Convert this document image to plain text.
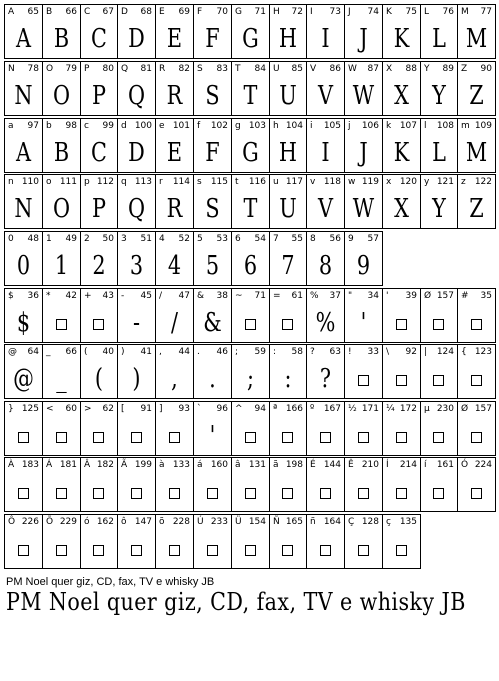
A 65
A
B 66
B
C 67
C
D 68
D
E 69
E
F 70
F
G 71
G
H 72
H
I 73
I
J 74
J
K 75
K
L 76
L
M 77
M
N 78
N
O 79
O
P 80
P
Q 81
Q
R 82
R
S 83
S
T 84
T
U 85
U
V 86
V
W 87
W
X 88
X
Y 89
Y
Z 90
Z
a 97
A
b 98
B
c 99
C
d 100
D
e 101
E
f 102
F
g 103
G
h 104
H
i 105
I
j 106
J
k 107
K
l 108
L
m 109
M
n 110
N
o 111
O
p 112
P
q 113
Q
r 114
R
s 115
S
t 116
T
u 117
U
v 118
V
w 119
W
x 120
X
y 121
Y
z 122
Z
0 48
0
1 49
1
2 50
2
3 51
3
4 52
4
5 53
5
6 54
6
7 55
7
8 56
8
9 57
9
$ 36
$
* 42 + 43 - 45
-
/ 47
/
& 38
&
~ 71 = 61 % 37
%
" 34
'
' 39 Ø 157 # 35
@ 64
@
_ 66
_
( 40
(
) 41
)
, 44
,
. 46
.
; 59
;
: 58
:
? 63
?
! 33 \ 92 | 124 { 123
} 125 < 60 > 62 [ 91 ] 93 ` 96
'
^ 94 ª 166 º 167 ½ 171 ¼ 172 µ 230 Ø 157
À 183 Á 181 Â 182 Ã 199 à 133 á 160 â 131 ã 198 É 144 Ê 210 Í 214 í 161 Ó 224
Ô 226 Õ 229 ó 162 ô 147 õ 228 Ú 233 Ü 154 Ñ 165 ñ 164 Ç 128 ç 135
PM Noel quer giz, CD, fax, TV e whisky JB
PM Noel quer giz, CD, fax, TV e whisky JB
